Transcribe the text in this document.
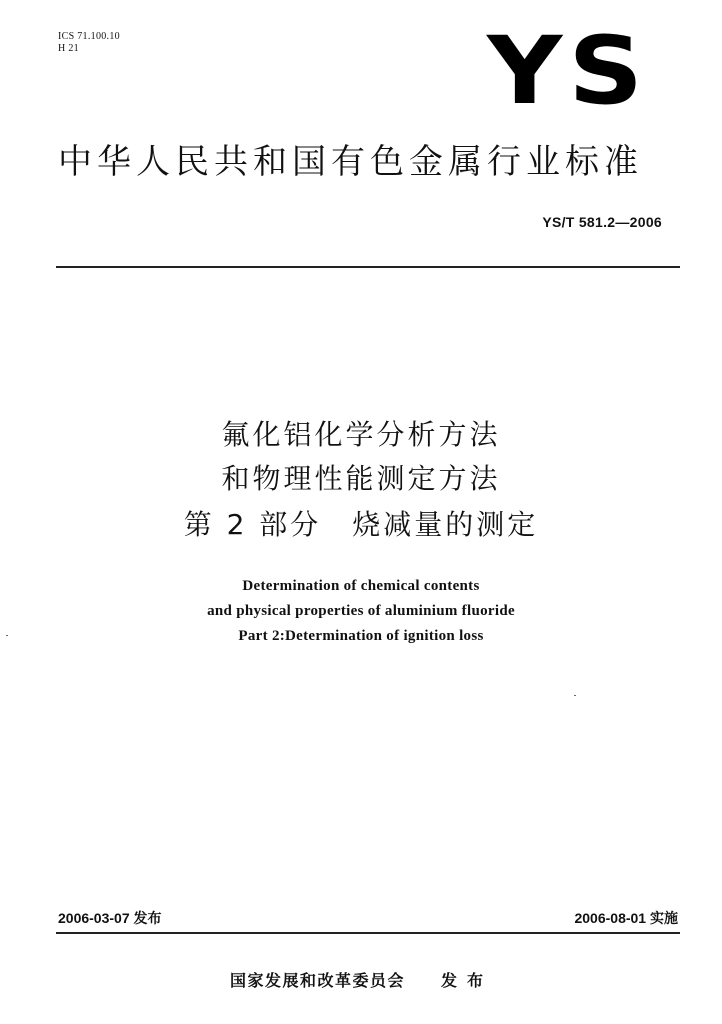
ICS 71.100.10
H 21	YS
中华人民共和国有色金属行业标准
YS/T 581.2—2006
氟化铝化学分析方法
和物理性能测定方法
第 2 部分　烧减量的测定
Determination of chemical contents
and physical properties of aluminium fluoride
Part 2:Determination of ignition loss
2006-03-07 发布	2006-08-01 实施
国家发展和改革委员会 发布
